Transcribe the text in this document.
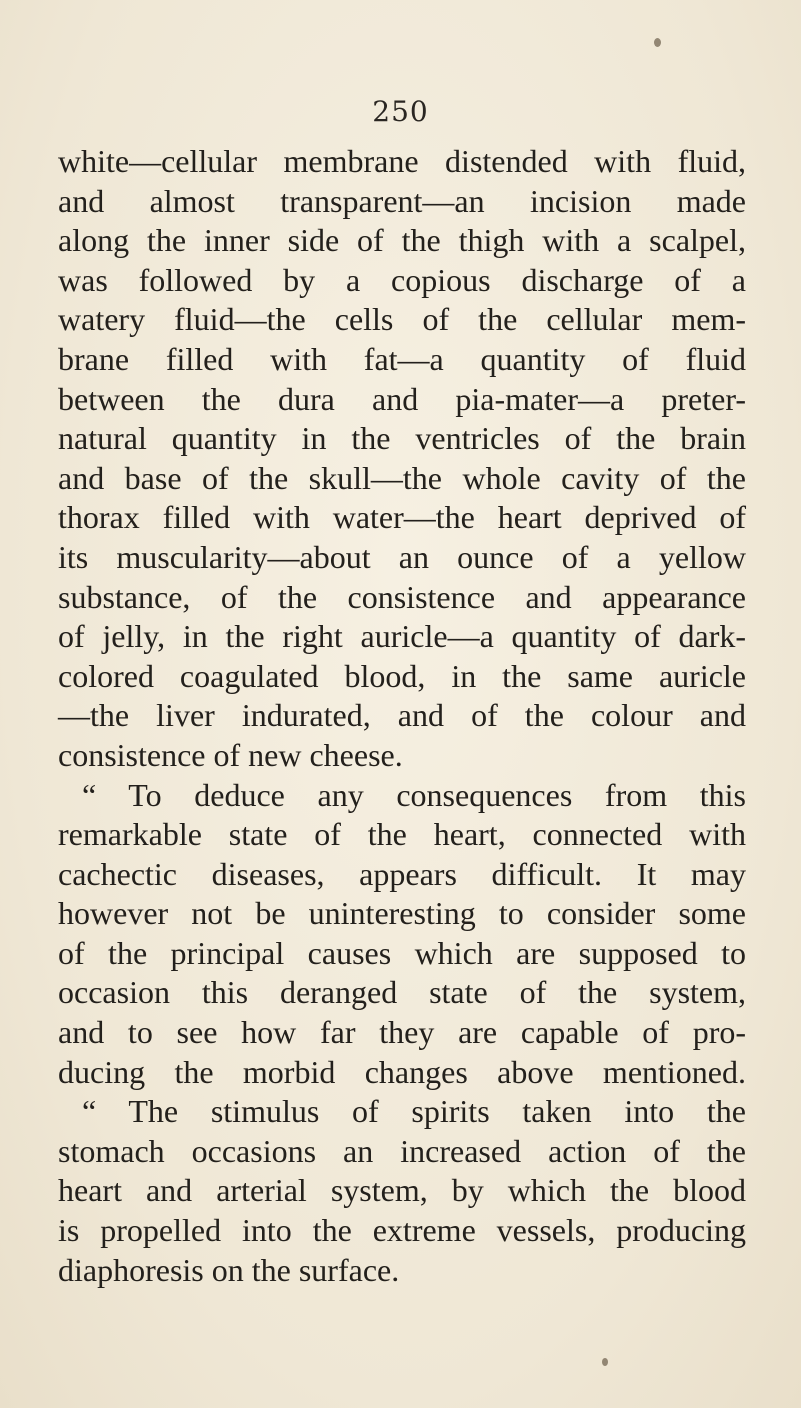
250
white—cellular membrane distended with fluid,
and almost transparent—an incision made
along the inner side of the thigh with a scalpel,
was followed by a copious discharge of a
watery fluid—the cells of the cellular mem-
brane filled with fat—a quantity of fluid
between the dura and pia-mater—a preter-
natural quantity in the ventricles of the brain
and base of the skull—the whole cavity of the
thorax filled with water—the heart deprived of
its muscularity—about an ounce of a yellow
substance, of the consistence and appearance
of jelly, in the right auricle—a quantity of dark-
colored coagulated blood, in the same auricle
—the liver indurated, and of the colour and
consistence of new cheese.
“ To deduce any consequences from this
remarkable state of the heart, connected with
cachectic diseases, appears difficult. It may
however not be uninteresting to consider some
of the principal causes which are supposed to
occasion this deranged state of the system,
and to see how far they are capable of pro-
ducing the morbid changes above mentioned.
“ The stimulus of spirits taken into the
stomach occasions an increased action of the
heart and arterial system, by which the blood
is propelled into the extreme vessels, producing
diaphoresis on the surface.
